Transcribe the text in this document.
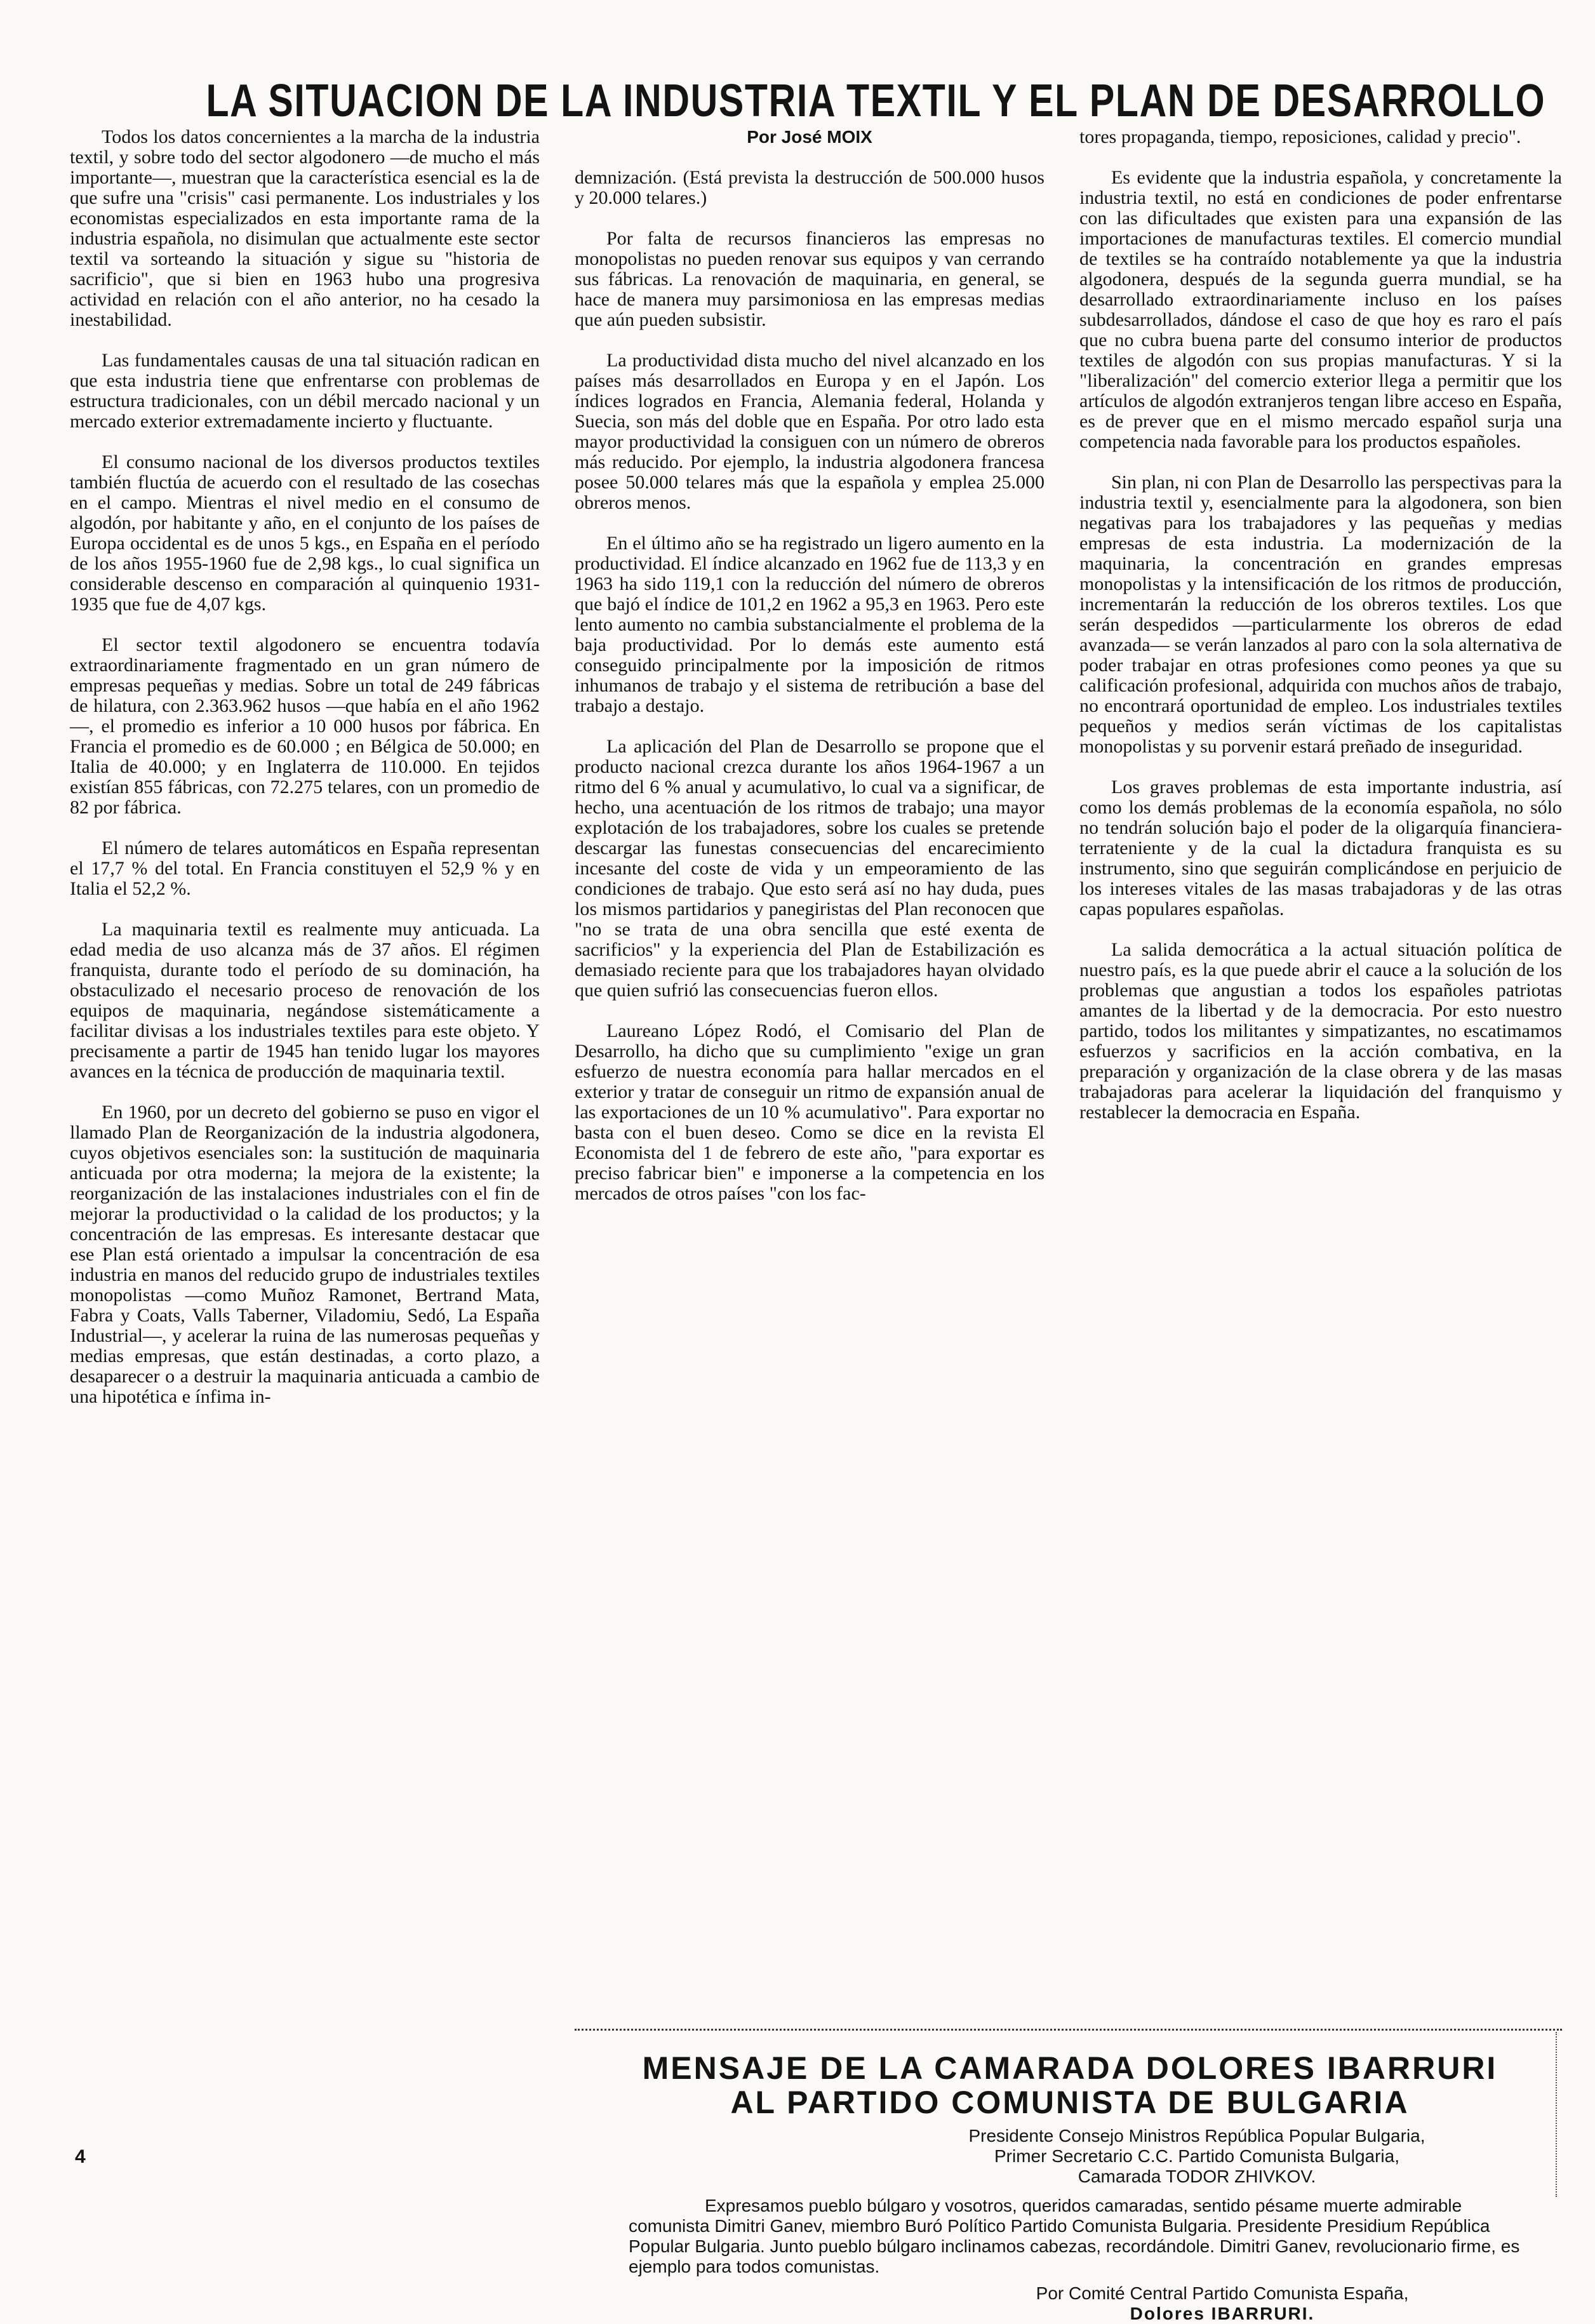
LA SITUACION DE LA INDUSTRIA TEXTIL Y EL PLAN DE DESARROLLO

Todos los datos concernientes a la marcha de la industria textil, y sobre todo del sector algodonero —de mucho el más importante—, muestran que la característica esencial es la de que sufre una "crisis" casi permanente. Los industriales y los economistas especializados en esta importante rama de la industria española, no disimulan que actualmente este sector textil va sorteando la situación y sigue su "historia de sacrificio", que si bien en 1963 hubo una progresiva actividad en relación con el año anterior, no ha cesado la inestabilidad.

Las fundamentales causas de una tal situación radican en que esta industria tiene que enfrentarse con problemas de estructura tradicionales, con un débil mercado nacional y un mercado exterior extremadamente incierto y fluctuante.

El consumo nacional de los diversos productos textiles también fluctúa de acuerdo con el resultado de las cosechas en el campo. Mientras el nivel medio en el consumo de algodón, por habitante y año, en el conjunto de los países de Europa occidental es de unos 5 kgs., en España en el período de los años 1955-1960 fue de 2,98 kgs., lo cual significa un considerable descenso en comparación al quinquenio 1931-1935 que fue de 4,07 kgs.

El sector textil algodonero se encuentra todavía extraordinariamente fragmentado en un gran número de empresas pequeñas y medias. Sobre un total de 249 fábricas de hilatura, con 2.363.962 husos —que había en el año 1962—, el promedio es inferior a 10 000 husos por fábrica. En Francia el promedio es de 60.000 ; en Bélgica de 50.000; en Italia de 40.000; y en Inglaterra de 110.000. En tejidos existían 855 fábricas, con 72.275 telares, con un promedio de 82 por fábrica.

El número de telares automáticos en España representan el 17,7 % del total. En Francia constituyen el 52,9 % y en Italia el 52,2 %.

La maquinaria textil es realmente muy anticuada. La edad media de uso alcanza más de 37 años. El régimen franquista, durante todo el período de su dominación, ha obstaculizado el necesario proceso de renovación de los equipos de maquinaria, negándose sistemáticamente a facilitar divisas a los industriales textiles para este objeto. Y precisamente a partir de 1945 han tenido lugar los mayores avances en la técnica de producción de maquinaria textil.

En 1960, por un decreto del gobierno se puso en vigor el llamado Plan de Reorganización de la industria algodonera, cuyos objetivos esenciales son: la sustitución de maquinaria anticuada por otra moderna; la mejora de la existente; la reorganización de las instalaciones industriales con el fin de mejorar la productividad o la calidad de los productos; y la concentración de las empresas. Es interesante destacar que ese Plan está orientado a impulsar la concentración de esa industria en manos del reducido grupo de industriales textiles monopolistas —como Muñoz Ramonet, Bertrand Mata, Fabra y Coats, Valls Taberner, Viladomiu, Sedó, La España Industrial—, y acelerar la ruina de las numerosas pequeñas y medias empresas, que están destinadas, a corto plazo, a desaparecer o a destruir la maquinaria anticuada a cambio de una hipotética e ínfima in-

Por José MOIX

demnización. (Está prevista la destrucción de 500.000 husos y 20.000 telares.)

Por falta de recursos financieros las empresas no monopolistas no pueden renovar sus equipos y van cerrando sus fábricas. La renovación de maquinaria, en general, se hace de manera muy parsimoniosa en las empresas medias que aún pueden subsistir.

La productividad dista mucho del nivel alcanzado en los países más desarrollados en Europa y en el Japón. Los índices logrados en Francia, Alemania federal, Holanda y Suecia, son más del doble que en España. Por otro lado esta mayor productividad la consiguen con un número de obreros más reducido. Por ejemplo, la industria algodonera francesa posee 50.000 telares más que la española y emplea 25.000 obreros menos.

En el último año se ha registrado un ligero aumento en la productividad. El índice alcanzado en 1962 fue de 113,3 y en 1963 ha sido 119,1 con la reducción del número de obreros que bajó el índice de 101,2 en 1962 a 95,3 en 1963. Pero este lento aumento no cambia substancialmente el problema de la baja productividad. Por lo demás este aumento está conseguido principalmente por la imposición de ritmos inhumanos de trabajo y el sistema de retribución a base del trabajo a destajo.

La aplicación del Plan de Desarrollo se propone que el producto nacional crezca durante los años 1964-1967 a un ritmo del 6 % anual y acumulativo, lo cual va a significar, de hecho, una acentuación de los ritmos de trabajo; una mayor explotación de los trabajadores, sobre los cuales se pretende descargar las funestas consecuencias del encarecimiento incesante del coste de vida y un empeoramiento de las condiciones de trabajo. Que esto será así no hay duda, pues los mismos partidarios y panegiristas del Plan reconocen que "no se trata de una obra sencilla que esté exenta de sacrificios" y la experiencia del Plan de Estabilización es demasiado reciente para que los trabajadores hayan olvidado que quien sufrió las consecuencias fueron ellos.

Laureano López Rodó, el Comisario del Plan de Desarrollo, ha dicho que su cumplimiento "exige un gran esfuerzo de nuestra economía para hallar mercados en el exterior y tratar de conseguir un ritmo de expansión anual de las exportaciones de un 10 % acumulativo". Para exportar no basta con el buen deseo. Como se dice en la revista El Economista del 1 de febrero de este año, "para exportar es preciso fabricar bien" e imponerse a la competencia en los mercados de otros países "con los fac-

tores propaganda, tiempo, reposiciones, calidad y precio".

Es evidente que la industria española, y concretamente la industria textil, no está en condiciones de poder enfrentarse con las dificultades que existen para una expansión de las importaciones de manufacturas textiles. El comercio mundial de textiles se ha contraído notablemente ya que la industria algodonera, después de la segunda guerra mundial, se ha desarrollado extraordinariamente incluso en los países subdesarrollados, dándose el caso de que hoy es raro el país que no cubra buena parte del consumo interior de productos textiles de algodón con sus propias manufacturas. Y si la "liberalización" del comercio exterior llega a permitir que los artículos de algodón extranjeros tengan libre acceso en España, es de prever que en el mismo mercado español surja una competencia nada favorable para los productos españoles.

Sin plan, ni con Plan de Desarrollo las perspectivas para la industria textil y, esencialmente para la algodonera, son bien negativas para los trabajadores y las pequeñas y medias empresas de esta industria. La modernización de la maquinaria, la concentración en grandes empresas monopolistas y la intensificación de los ritmos de producción, incrementarán la reducción de los obreros textiles. Los que serán despedidos —particularmente los obreros de edad avanzada— se verán lanzados al paro con la sola alternativa de poder trabajar en otras profesiones como peones ya que su calificación profesional, adquirida con muchos años de trabajo, no encontrará oportunidad de empleo. Los industriales textiles pequeños y medios serán víctimas de los capitalistas monopolistas y su porvenir estará preñado de inseguridad.

Los graves problemas de esta importante industria, así como los demás problemas de la economía española, no sólo no tendrán solución bajo el poder de la oligarquía financiera-terrateniente y de la cual la dictadura franquista es su instrumento, sino que seguirán complicándose en perjuicio de los intereses vitales de las masas trabajadoras y de las otras capas populares españolas.

La salida democrática a la actual situación política de nuestro país, es la que puede abrir el cauce a la solución de los problemas que angustian a todos los españoles patriotas amantes de la libertad y de la democracia. Por esto nuestro partido, todos los militantes y simpatizantes, no escatimamos esfuerzos y sacrificios en la acción combativa, en la preparación y organización de la clase obrera y de las masas trabajadoras para acelerar la liquidación del franquismo y restablecer la democracia en España.

MENSAJE DE LA CAMARADA DOLORES IBARRURI
AL PARTIDO COMUNISTA DE BULGARIA
Presidente Consejo Ministros República Popular Bulgaria,
Primer Secretario C.C. Partido Comunista Bulgaria,
Camarada TODOR ZHIVKOV.
Expresamos pueblo búlgaro y vosotros, queridos camaradas, sentido pésame muerte admirable comunista Dimitri Ganev, miembro Buró Político Partido Comunista Bulgaria. Presidente Presidium República Popular Bulgaria. Junto pueblo búlgaro inclinamos cabezas, recordándole. Dimitri Ganev, revolucionario firme, es ejemplo para todos comunistas.
Por Comité Central Partido Comunista España,
Dolores IBARRURI.
4
